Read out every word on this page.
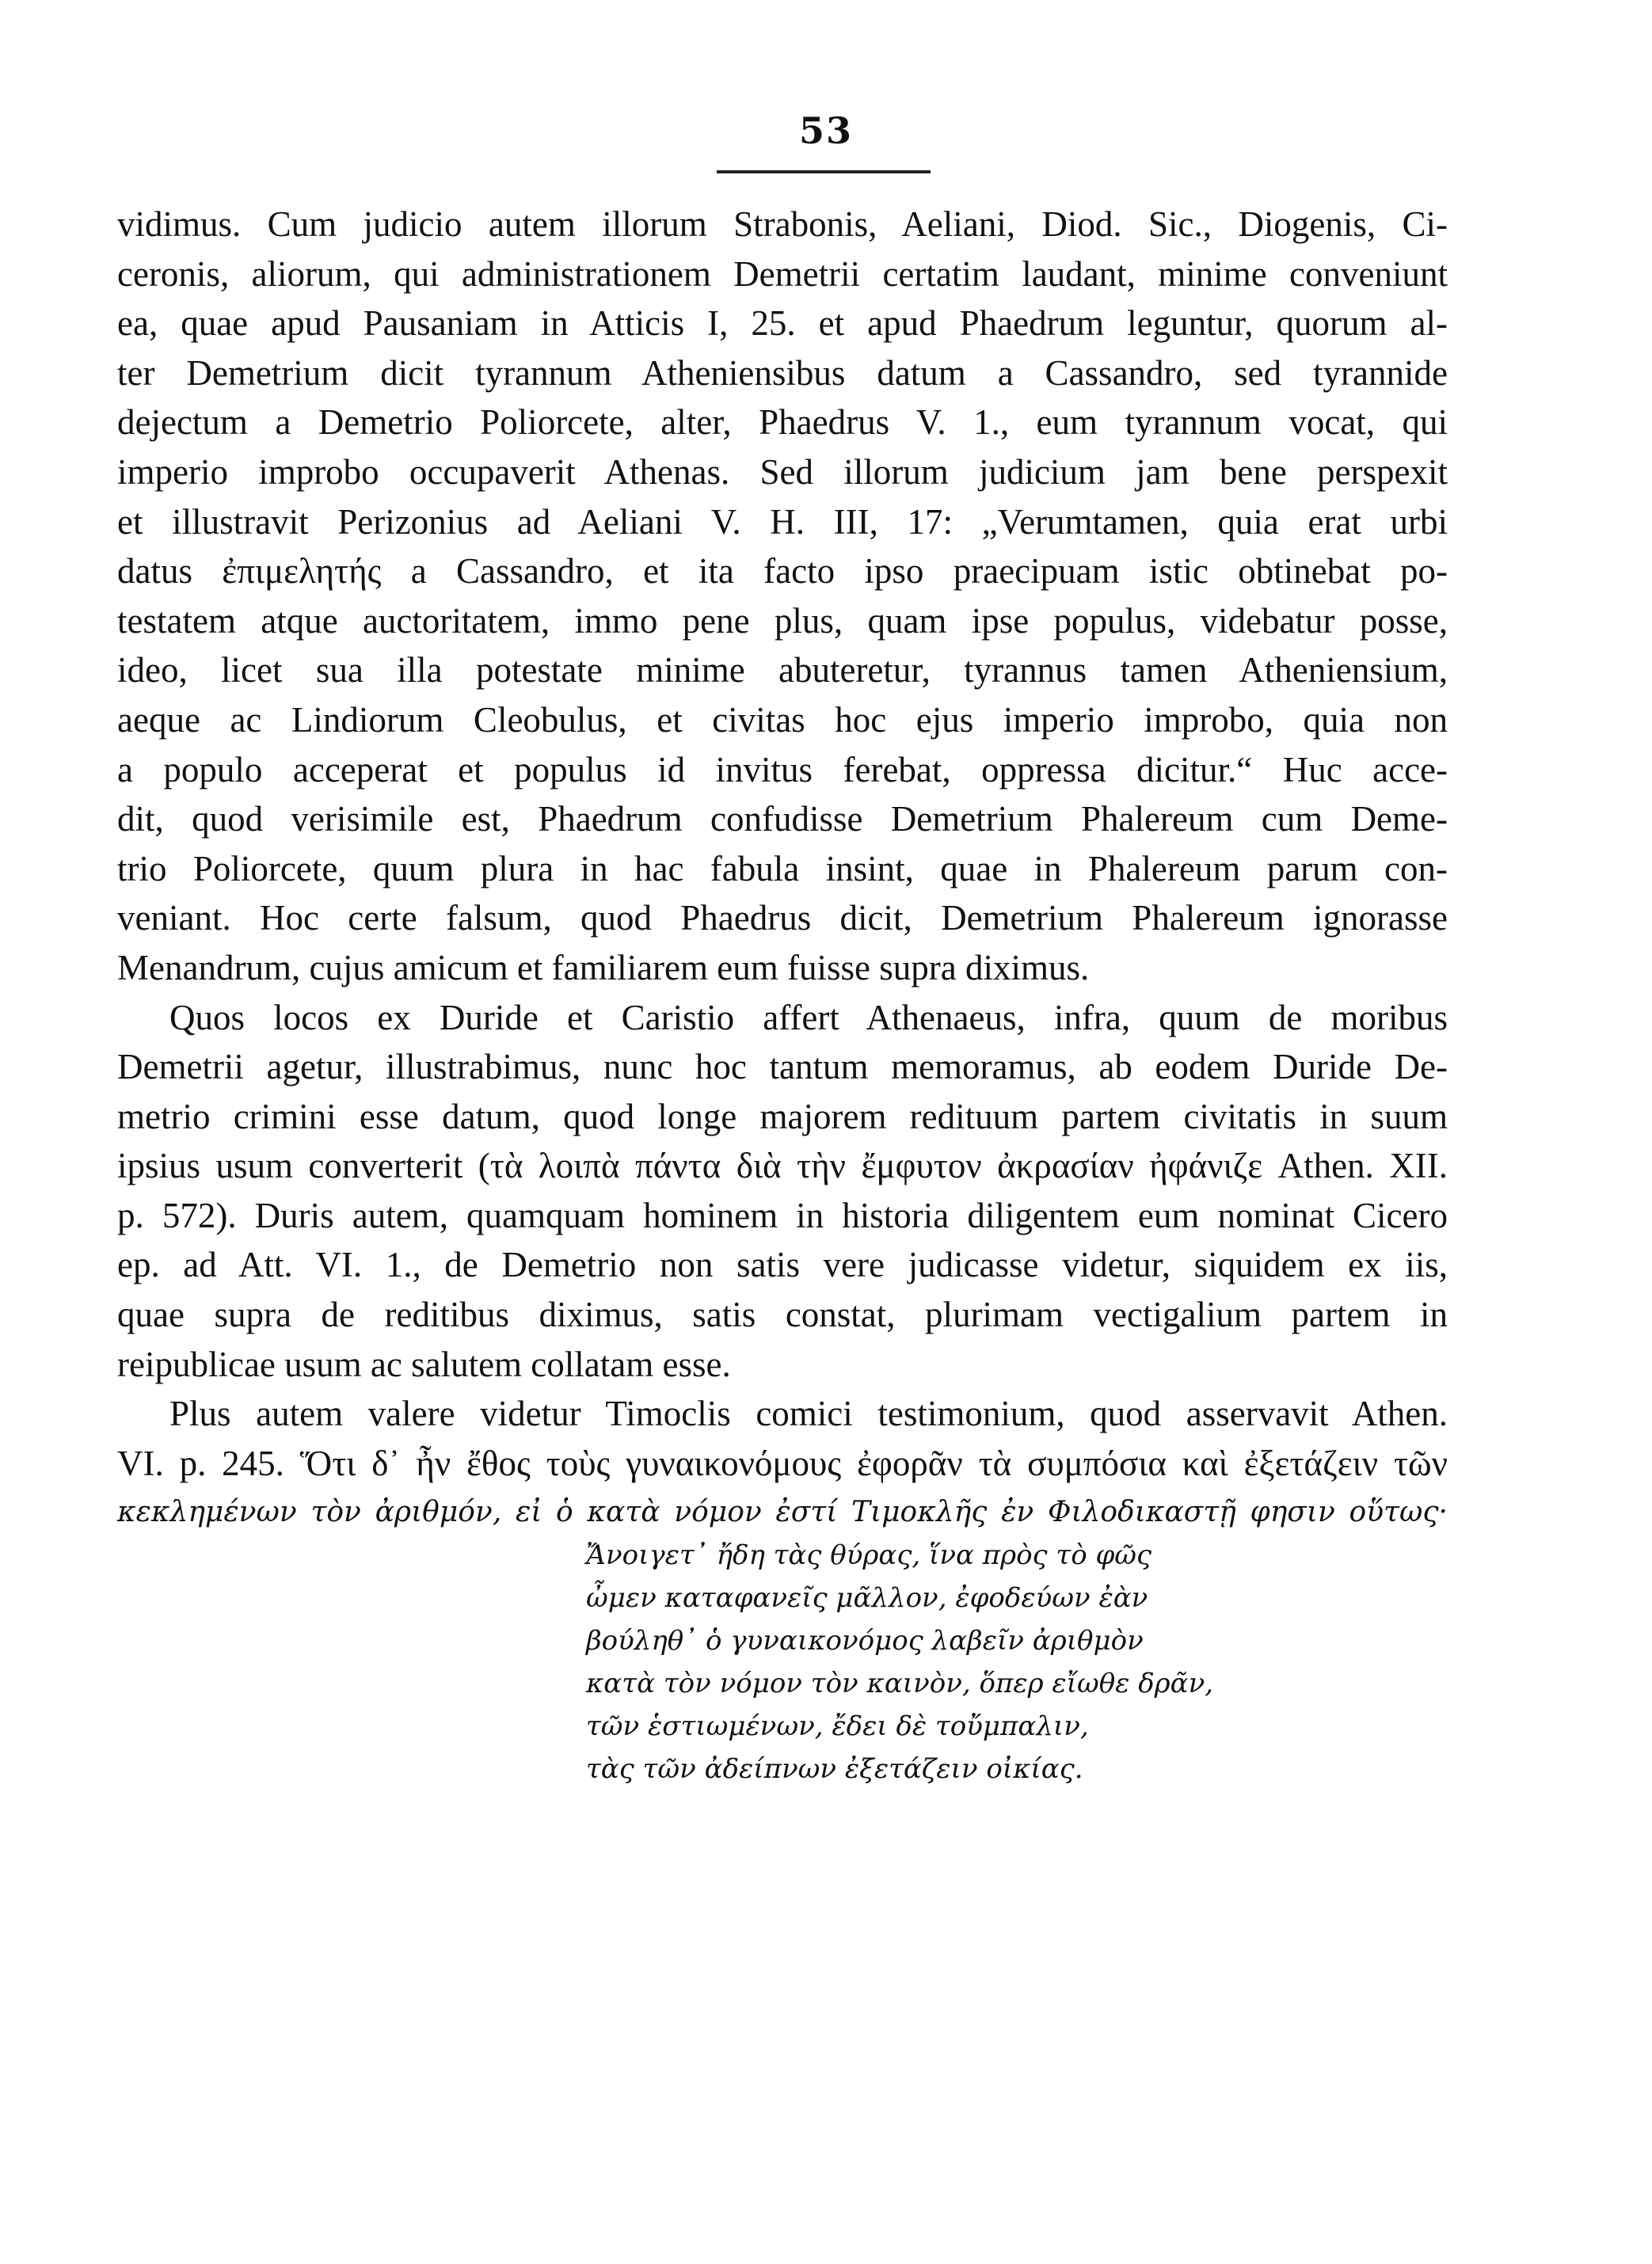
53
vidimus. Cum judicio autem illorum Strabonis, Aeliani, Diod. Sic., Diogenis, Ci-
ceronis, aliorum, qui administrationem Demetrii certatim laudant, minime conveniunt
ea, quae apud Pausaniam in Atticis I, 25. et apud Phaedrum leguntur, quorum al-
ter Demetrium dicit tyrannum Atheniensibus datum a Cassandro, sed tyrannide
dejectum a Demetrio Poliorcete, alter, Phaedrus V. 1., eum tyrannum vocat, qui
imperio improbo occupaverit Athenas. Sed illorum judicium jam bene perspexit
et illustravit Perizonius ad Aeliani V. H. III, 17: „Verumtamen, quia erat urbi
datus ἐπιμελητής a Cassandro, et ita facto ipso praecipuam istic obtinebat po-
testatem atque auctoritatem, immo pene plus, quam ipse populus, videbatur posse,
ideo, licet sua illa potestate minime abuteretur, tyrannus tamen Atheniensium,
aeque ac Lindiorum Cleobulus, et civitas hoc ejus imperio improbo, quia non
a populo acceperat et populus id invitus ferebat, oppressa dicitur.“ Huc acce-
dit, quod verisimile est, Phaedrum confudisse Demetrium Phalereum cum Deme-
trio Poliorcete, quum plura in hac fabula insint, quae in Phalereum parum con-
veniant. Hoc certe falsum, quod Phaedrus dicit, Demetrium Phalereum ignorasse
Menandrum, cujus amicum et familiarem eum fuisse supra diximus.
Quos locos ex Duride et Caristio affert Athenaeus, infra, quum de moribus
Demetrii agetur, illustrabimus, nunc hoc tantum memoramus, ab eodem Duride De-
metrio crimini esse datum, quod longe majorem redituum partem civitatis in suum
ipsius usum converterit (τὰ λοιπὰ πάντα διὰ τὴν ἔμφυτον ἀκρασίαν ἠφάνιζε Athen. XII.
p. 572). Duris autem, quamquam hominem in historia diligentem eum nominat Cicero
ep. ad Att. VI. 1., de Demetrio non satis vere judicasse videtur, siquidem ex iis,
quae supra de reditibus diximus, satis constat, plurimam vectigalium partem in
reipublicae usum ac salutem collatam esse.
Plus autem valere videtur Timoclis comici testimonium, quod asservavit Athen.
VI. p. 245. Ὅτι δ᾽ ἦν ἔθος τοὺς γυναικονόμους ἐφορᾶν τὰ συμπόσια καὶ ἐξετάζειν τῶν
κεκλημένων τὸν ἀριθμόν, εἰ ὁ κατὰ νόμον ἐστί Τιμοκλῆς ἐν Φιλοδικαστῇ φησιν οὕτως·
Ἄνοιγετ᾽ ἤδη τὰς θύρας, ἵνα πρὸς τὸ φῶς
ὦμεν καταφανεῖς μᾶλλον, ἐφοδεύων ἐὰν
βούληθ᾽ ὁ γυναικονόμος λαβεῖν ἀριθμὸν
κατὰ τὸν νόμον τὸν καινὸν, ὅπερ εἴωθε δρᾶν,
τῶν ἑστιωμένων, ἔδει δὲ τοὔμπαλιν,
τὰς τῶν ἀδείπνων ἐξετάζειν οἰκίας.
